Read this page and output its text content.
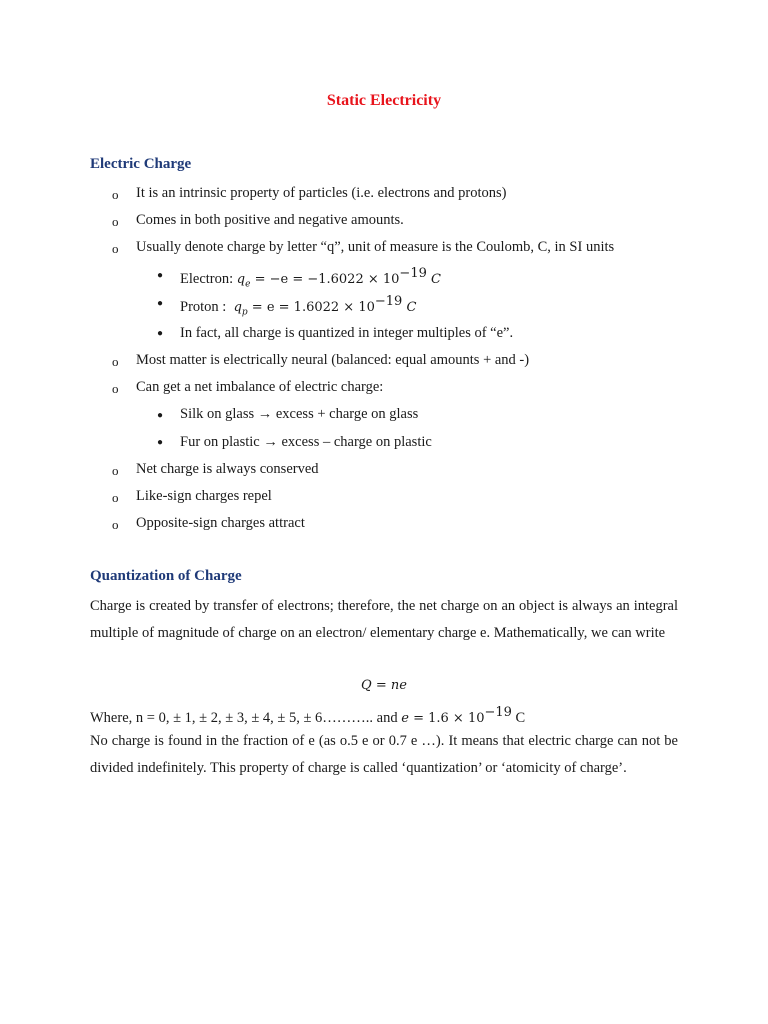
Static Electricity
Electric Charge
o It is an intrinsic property of particles (i.e. electrons and protons)
o Comes in both positive and negative amounts.
o Usually denote charge by letter “q”, unit of measure is the Coulomb, C, in SI units
● Electron: $q_e = -e = -1.6022 \times 10^{-19}$ C
● Proton : $q_p = e = 1.6022 \times 10^{-19}$ C
● In fact, all charge is quantized in integer multiples of “e”.
o Most matter is electrically neural (balanced: equal amounts + and -)
o Can get a net imbalance of electric charge:
● Silk on glass → excess + charge on glass
● Fur on plastic → excess – charge on plastic
o Net charge is always conserved
o Like-sign charges repel
o Opposite-sign charges attract
Quantization of Charge
Charge is created by transfer of electrons; therefore, the net charge on an object is always an integral multiple of magnitude of charge on an electron/ elementary charge e. Mathematically, we can write
Q = ne
Where, n = 0, ± 1, ± 2, ± 3, ± 4, ± 5, ± 6……….. and $e = 1.6 \times 10^{-19}$ C
No charge is found in the fraction of e (as o.5 e or 0.7 e …). It means that electric charge can not be divided indefinitely. This property of charge is called ‘quantization’ or ‘atomicity of charge’.
